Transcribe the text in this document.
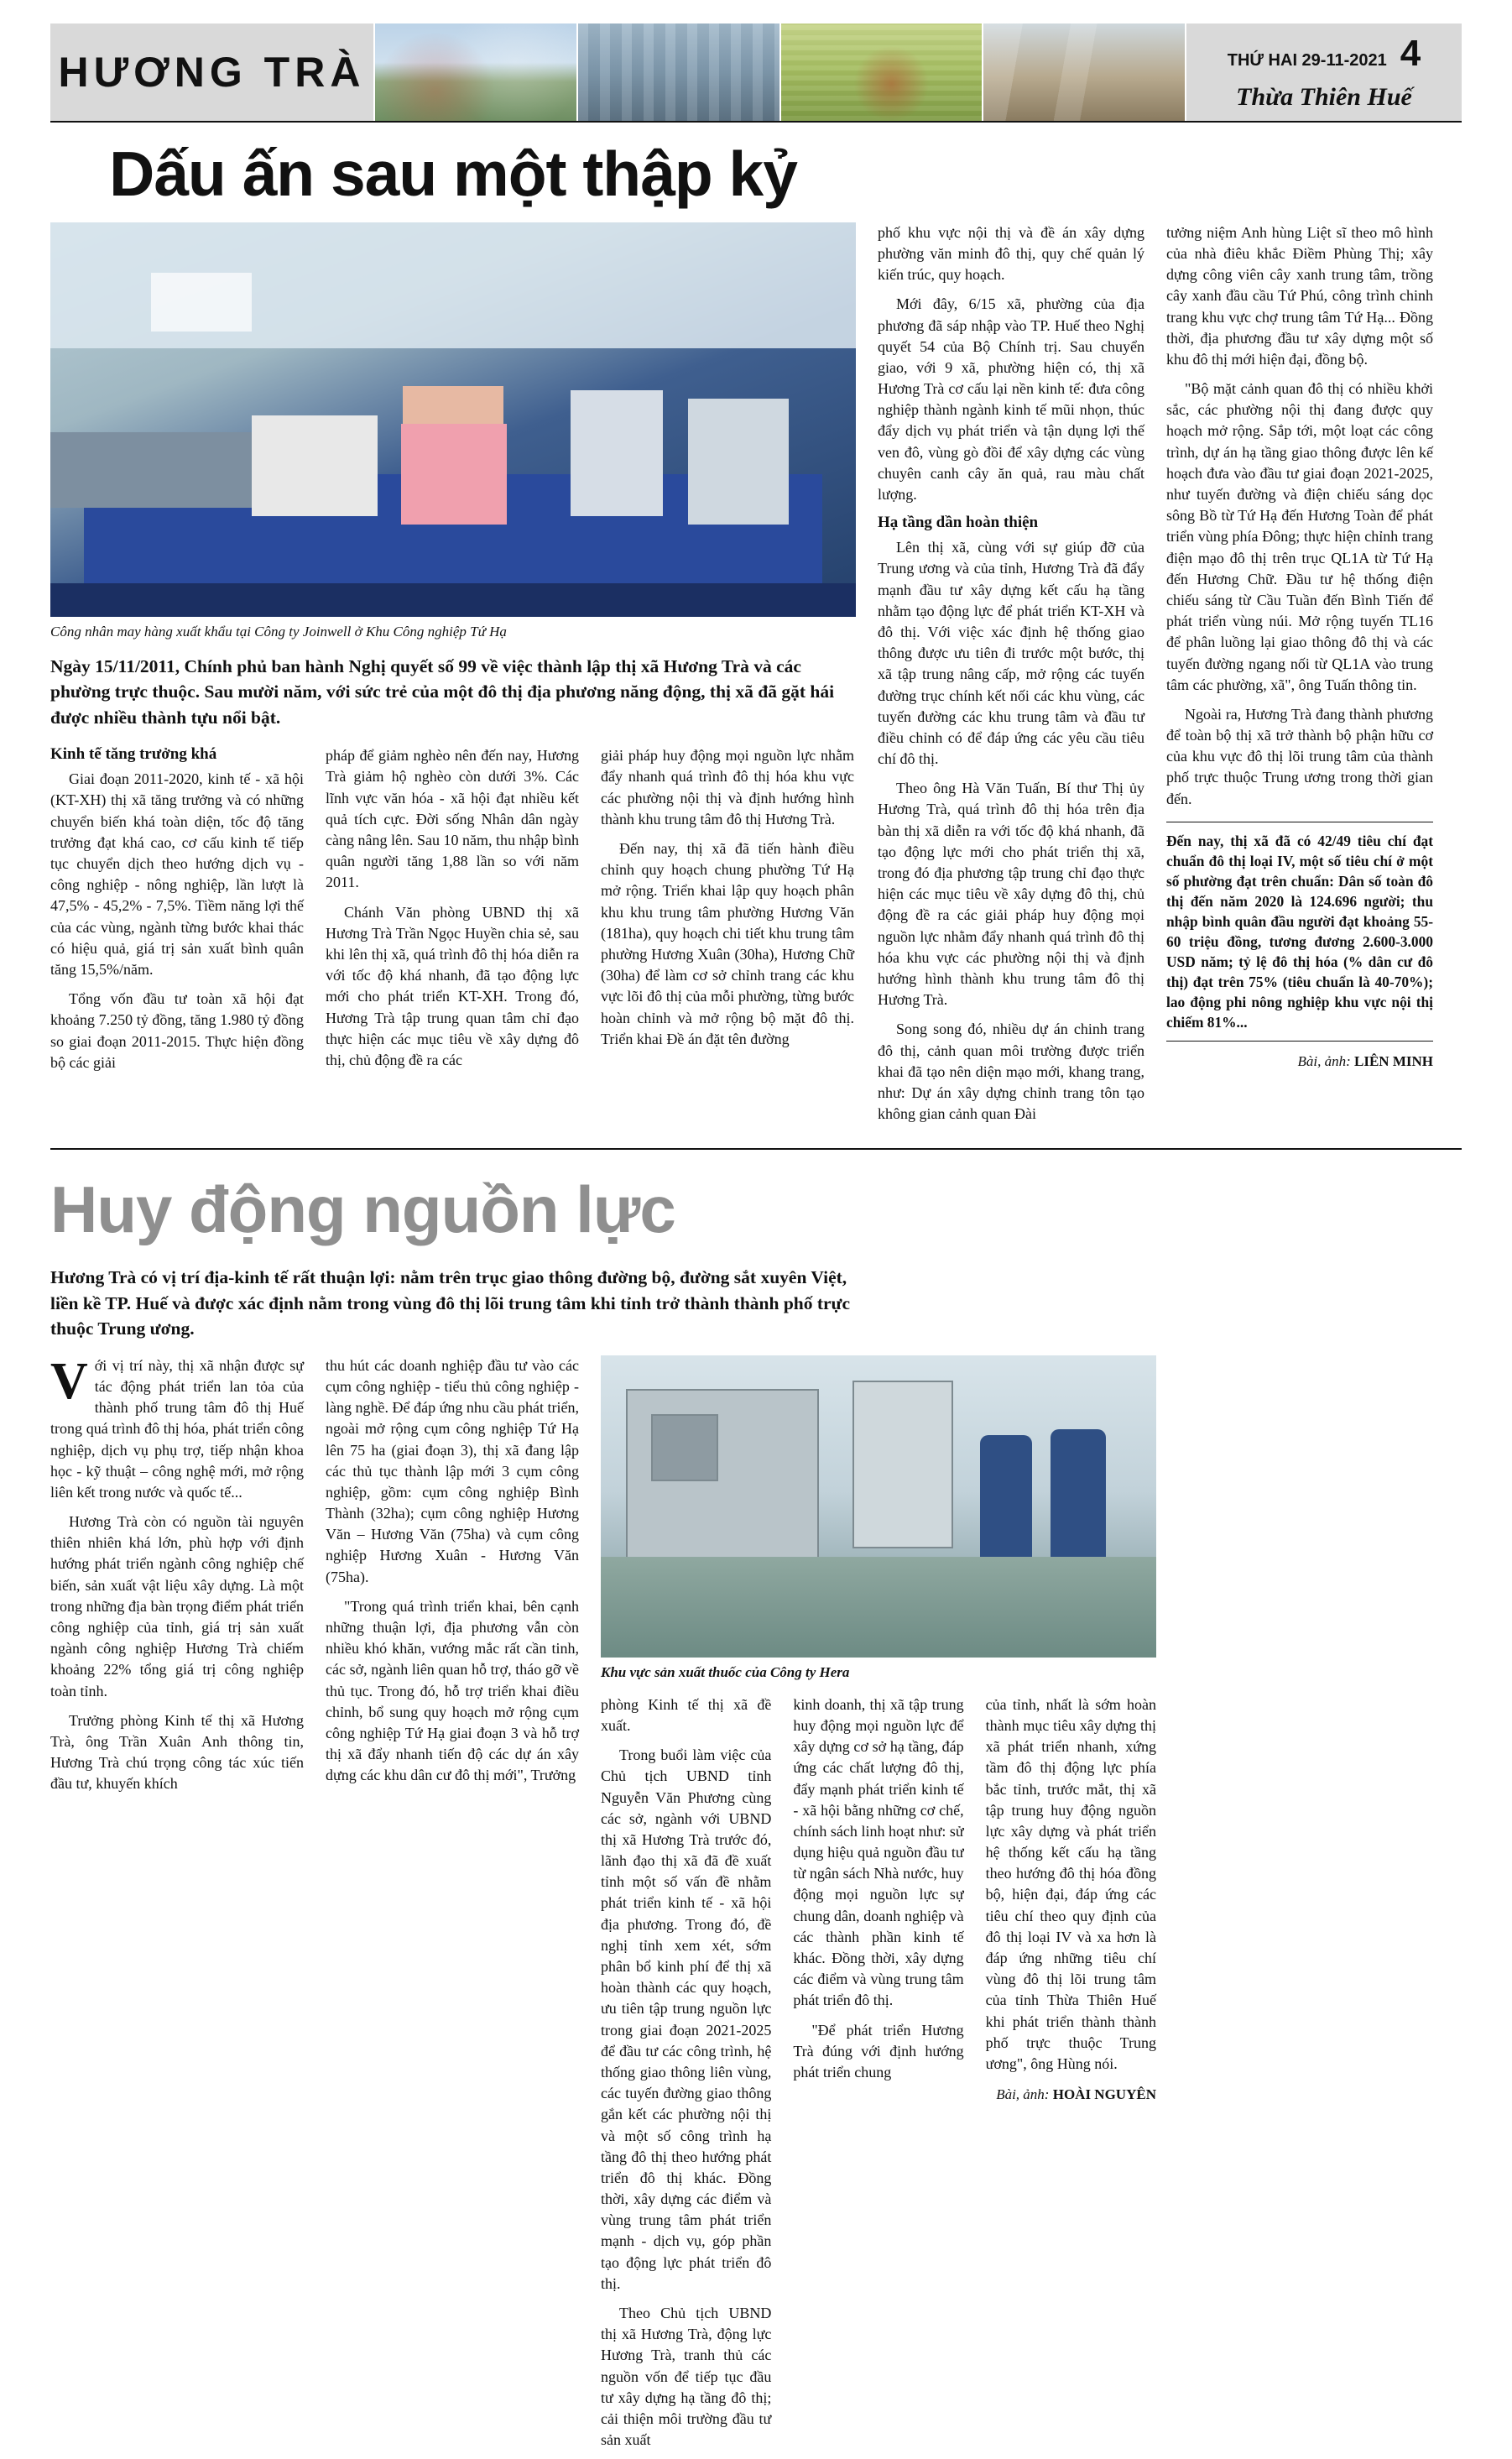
HƯƠNG TRÀ	THỨ HAI 29-11-2021 4
Thừa Thiên Huế
Dấu ấn sau một thập kỷ
Công nhân may hàng xuất khẩu tại Công ty Joinwell ở Khu Công nghiệp Tứ Hạ
Ngày 15/11/2011, Chính phủ ban hành Nghị quyết số 99 về việc thành lập thị xã Hương Trà và các phường trực thuộc. Sau mười năm, với sức trẻ của một đô thị địa phương năng động, thị xã đã gặt hái được nhiều thành tựu nổi bật.
Kinh tế tăng trưởng khá

Giai đoạn 2011-2020, kinh tế - xã hội (KT-XH) thị xã tăng trưởng và có những chuyển biến khá toàn diện, tốc độ tăng trưởng đạt khá cao, cơ cấu kinh tế tiếp tục chuyển dịch theo hướng dịch vụ - công nghiệp - nông nghiệp, lần lượt là 47,5% - 45,2% - 7,5%. Tiềm năng lợi thế của các vùng, ngành từng bước khai thác có hiệu quả, giá trị sản xuất bình quân tăng 15,5%/năm.

Tổng vốn đầu tư toàn xã hội đạt khoảng 7.250 tỷ đồng, tăng 1.980 tỷ đồng so giai đoạn 2011-2015. Thực hiện đồng bộ các giải

pháp để giảm nghèo nên đến nay, Hương Trà giảm hộ nghèo còn dưới 3%. Các lĩnh vực văn hóa - xã hội đạt nhiều kết quả tích cực. Đời sống Nhân dân ngày càng nâng lên. Sau 10 năm, thu nhập bình quân người tăng 1,88 lần so với năm 2011.

Chánh Văn phòng UBND thị xã Hương Trà Trần Ngọc Huyền chia sẻ, sau khi lên thị xã, quá trình đô thị hóa diễn ra với tốc độ khá nhanh, đã tạo động lực mới cho phát triển KT-XH. Trong đó, Hương Trà tập trung quan tâm chỉ đạo thực hiện các mục tiêu về xây dựng đô thị, chủ động đề ra các

giải pháp huy động mọi nguồn lực nhằm đẩy nhanh quá trình đô thị hóa khu vực các phường nội thị và định hướng hình thành khu trung tâm đô thị Hương Trà.

Đến nay, thị xã đã tiến hành điều chỉnh quy hoạch chung phường Tứ Hạ mở rộng. Triển khai lập quy hoạch phân khu khu trung tâm phường Hương Văn (181ha), quy hoạch chi tiết khu trung tâm phường Hương Xuân (30ha), Hương Chữ (30ha) để làm cơ sở chỉnh trang các khu vực lõi đô thị của mỗi phường, từng bước hoàn chỉnh và mở rộng bộ mặt đô thị. Triển khai Đề án đặt tên đường

phố khu vực nội thị và đề án xây dựng phường văn minh đô thị, quy chế quản lý kiến trúc, quy hoạch.

Mới đây, 6/15 xã, phường của địa phương đã sáp nhập vào TP. Huế theo Nghị quyết 54 của Bộ Chính trị. Sau chuyển giao, với 9 xã, phường hiện có, thị xã Hương Trà cơ cấu lại nền kinh tế: đưa công nghiệp thành ngành kinh tế mũi nhọn, thúc đẩy dịch vụ phát triển và tận dụng lợi thế ven đô, vùng gò đồi để xây dựng các vùng chuyên canh cây ăn quả, rau màu chất lượng.

Hạ tầng dần hoàn thiện

Lên thị xã, cùng với sự giúp đỡ của Trung ương và của tỉnh, Hương Trà đã đẩy mạnh đầu tư xây dựng kết cấu hạ tầng nhằm tạo động lực để phát triển KT-XH và đô thị. Với việc xác định hệ thống giao thông được ưu tiên đi trước một bước, thị xã tập trung nâng cấp, mở rộng các tuyến đường trục chính kết nối các khu vùng, các tuyến đường các khu trung tâm và đầu tư điều chỉnh có để đáp ứng các yêu cầu tiêu chí đô thị.

Theo ông Hà Văn Tuấn, Bí thư Thị ủy Hương Trà, quá trình đô thị hóa trên địa bàn thị xã diễn ra với tốc độ khá nhanh, đã tạo động lực mới cho phát triển thị xã, trong đó địa phương tập trung chỉ đạo thực hiện các mục tiêu về xây dựng đô thị, chủ động đề ra các giải pháp huy động mọi nguồn lực nhằm đẩy nhanh quá trình đô thị hóa khu vực các phường nội thị và định hướng hình thành khu trung tâm đô thị Hương Trà.

Song song đó, nhiều dự án chinh trang đô thị, cảnh quan môi trường được triển khai đã tạo nên diện mạo mới, khang trang, như: Dự án xây dựng chỉnh trang tôn tạo không gian cảnh quan Đài

tưởng niệm Anh hùng Liệt sĩ theo mô hình của nhà điêu khắc Điềm Phùng Thị; xây dựng công viên cây xanh trung tâm, trồng cây xanh đầu cầu Tứ Phú, công trình chinh trang khu vực chợ trung tâm Tứ Hạ... Đồng thời, địa phương đầu tư xây dựng một số khu đô thị mới hiện đại, đồng bộ.

"Bộ mặt cảnh quan đô thị có nhiều khởi sắc, các phường nội thị đang được quy hoạch mở rộng. Sắp tới, một loạt các công trình, dự án hạ tầng giao thông được lên kế hoạch đưa vào đầu tư giai đoạn 2021-2025, như tuyến đường và điện chiếu sáng dọc sông Bồ từ Tứ Hạ đến Hương Toàn để phát triển vùng phía Đông; thực hiện chỉnh trang điện mạo đô thị trên trục QL1A từ Tứ Hạ đến Hương Chữ. Đầu tư hệ thống điện chiếu sáng từ Cầu Tuần đến Bình Tiến để phát triển vùng núi. Mở rộng tuyến TL16 để phân luồng lại giao thông đô thị và các tuyến đường ngang nối từ QL1A vào trung tâm các phường, xã", ông Tuấn thông tin.

Ngoài ra, Hương Trà đang thành phương để toàn bộ thị xã trở thành bộ phận hữu cơ của khu vực đô thị lõi trung tâm của thành phố trực thuộc Trung ương trong thời gian đến.

Đến nay, thị xã đã có 42/49 tiêu chí đạt chuẩn đô thị loại IV, một số tiêu chí ở một số phường đạt trên chuẩn: Dân số toàn đô thị đến năm 2020 là 124.696 người; thu nhập bình quân đầu người đạt khoảng 55-60 triệu đồng, tương đương 2.600-3.000 USD năm; tỷ lệ đô thị hóa (% dân cư đô thị) đạt trên 75% (tiêu chuẩn là 40-70%); lao động phi nông nghiệp khu vực nội thị chiếm 81%...
Bài, ảnh: LIÊN MINH
Huy động nguồn lực
Hương Trà có vị trí địa-kinh tế rất thuận lợi: nằm trên trục giao thông đường bộ, đường sắt xuyên Việt, liền kề TP. Huế và được xác định nằm trong vùng đô thị lõi trung tâm khi tỉnh trở thành thành phố trực thuộc Trung ương.

Với vị trí này, thị xã nhận được sự tác động phát triển lan tỏa của thành phố trung tâm đô thị Huế trong quá trình đô thị hóa, phát triển công nghiệp, dịch vụ phụ trợ, tiếp nhận khoa học - kỹ thuật – công nghệ mới, mở rộng liên kết trong nước và quốc tế...

Hương Trà còn có nguồn tài nguyên thiên nhiên khá lớn, phù hợp với định hướng phát triển ngành công nghiệp chế biến, sản xuất vật liệu xây dựng. Là một trong những địa bàn trọng điểm phát triển công nghiệp của tỉnh, giá trị sản xuất ngành công nghiệp Hương Trà chiếm khoảng 22% tổng giá trị công nghiệp toàn tỉnh.

Trưởng phòng Kinh tế thị xã Hương Trà, ông Trần Xuân Anh thông tin, Hương Trà chú trọng công tác xúc tiến đầu tư, khuyến khích

thu hút các doanh nghiệp đầu tư vào các cụm công nghiệp - tiểu thủ công nghiệp - làng nghề. Để đáp ứng nhu cầu phát triển, ngoài mở rộng cụm công nghiệp Tứ Hạ lên 75 ha (giai đoạn 3), thị xã đang lập các thủ tục thành lập mới 3 cụm công nghiệp, gồm: cụm công nghiệp Bình Thành (32ha); cụm công nghiệp Hương Văn – Hương Văn (75ha) và cụm công nghiệp Hương Xuân - Hương Văn (75ha).

"Trong quá trình triển khai, bên cạnh những thuận lợi, địa phương vẫn còn nhiều khó khăn, vướng mắc rất cần tinh, các sở, ngành liên quan hỗ trợ, tháo gỡ về thủ tục. Trong đó, hỗ trợ triển khai điều chỉnh, bổ sung quy hoạch mở rộng cụm công nghiệp Tứ Hạ giai đoạn 3 và hỗ trợ thị xã đẩy nhanh tiến độ các dự án xây dựng các khu dân cư đô thị mới", Trưởng

Khu vực sản xuất thuốc của Công ty Hera

phòng Kinh tế thị xã đề xuất.

Trong buổi làm việc của Chủ tịch UBND tỉnh Nguyễn Văn Phương cùng các sở, ngành với UBND thị xã Hương Trà trước đó, lãnh đạo thị xã đã đề xuất tỉnh một số vấn đề nhằm phát triển kinh tế - xã hội địa phương. Trong đó, đề nghị tỉnh xem xét, sớm phân bổ kinh phí để thị xã hoàn thành các quy hoạch, ưu tiên tập trung nguồn lực trong giai đoạn 2021-2025 để đầu tư các công trình, hệ thống giao thông liên vùng, các tuyến đường giao thông gắn kết các phường nội thị và một số công trình hạ tầng đô thị theo hướng phát triển đô thị khác. Đồng thời, xây dựng các điểm và vùng trung tâm phát triển mạnh - dịch vụ, góp phần tạo động lực phát triển đô thị.

Theo Chủ tịch UBND thị xã Hương Trà, động lực Hương Trà, tranh thủ các nguồn vốn để tiếp tục đầu tư xây dựng hạ tầng đô thị; cải thiện môi trường đầu tư sản xuất

kinh doanh, thị xã tập trung huy động mọi nguồn lực để xây dựng cơ sở hạ tầng, đáp ứng các chất lượng đô thị, đẩy mạnh phát triển kinh tế - xã hội bằng những cơ chế, chính sách linh hoạt như: sử dụng hiệu quả nguồn đầu tư từ ngân sách Nhà nước, huy động mọi nguồn lực sự chung dân, doanh nghiệp và các thành phần kinh tế khác. Đồng thời, xây dựng các điểm và vùng trung tâm phát triển đô thị.

"Để phát triển Hương Trà đúng với định hướng phát triển chung

của tỉnh, nhất là sớm hoàn thành mục tiêu xây dựng thị xã phát triển nhanh, xứng tầm đô thị động lực phía bắc tỉnh, trước mắt, thị xã tập trung huy động nguồn lực xây dựng và phát triển hệ thống kết cấu hạ tầng theo hướng đô thị hóa đồng bộ, hiện đại, đáp ứng các tiêu chí theo quy định của đô thị loại IV và xa hơn là đáp ứng những tiêu chí vùng đô thị lõi trung tâm của tỉnh Thừa Thiên Huế khi phát triển thành thành phố trực thuộc Trung ương", ông Hùng nói.

Bài, ảnh: HOÀI NGUYÊN
